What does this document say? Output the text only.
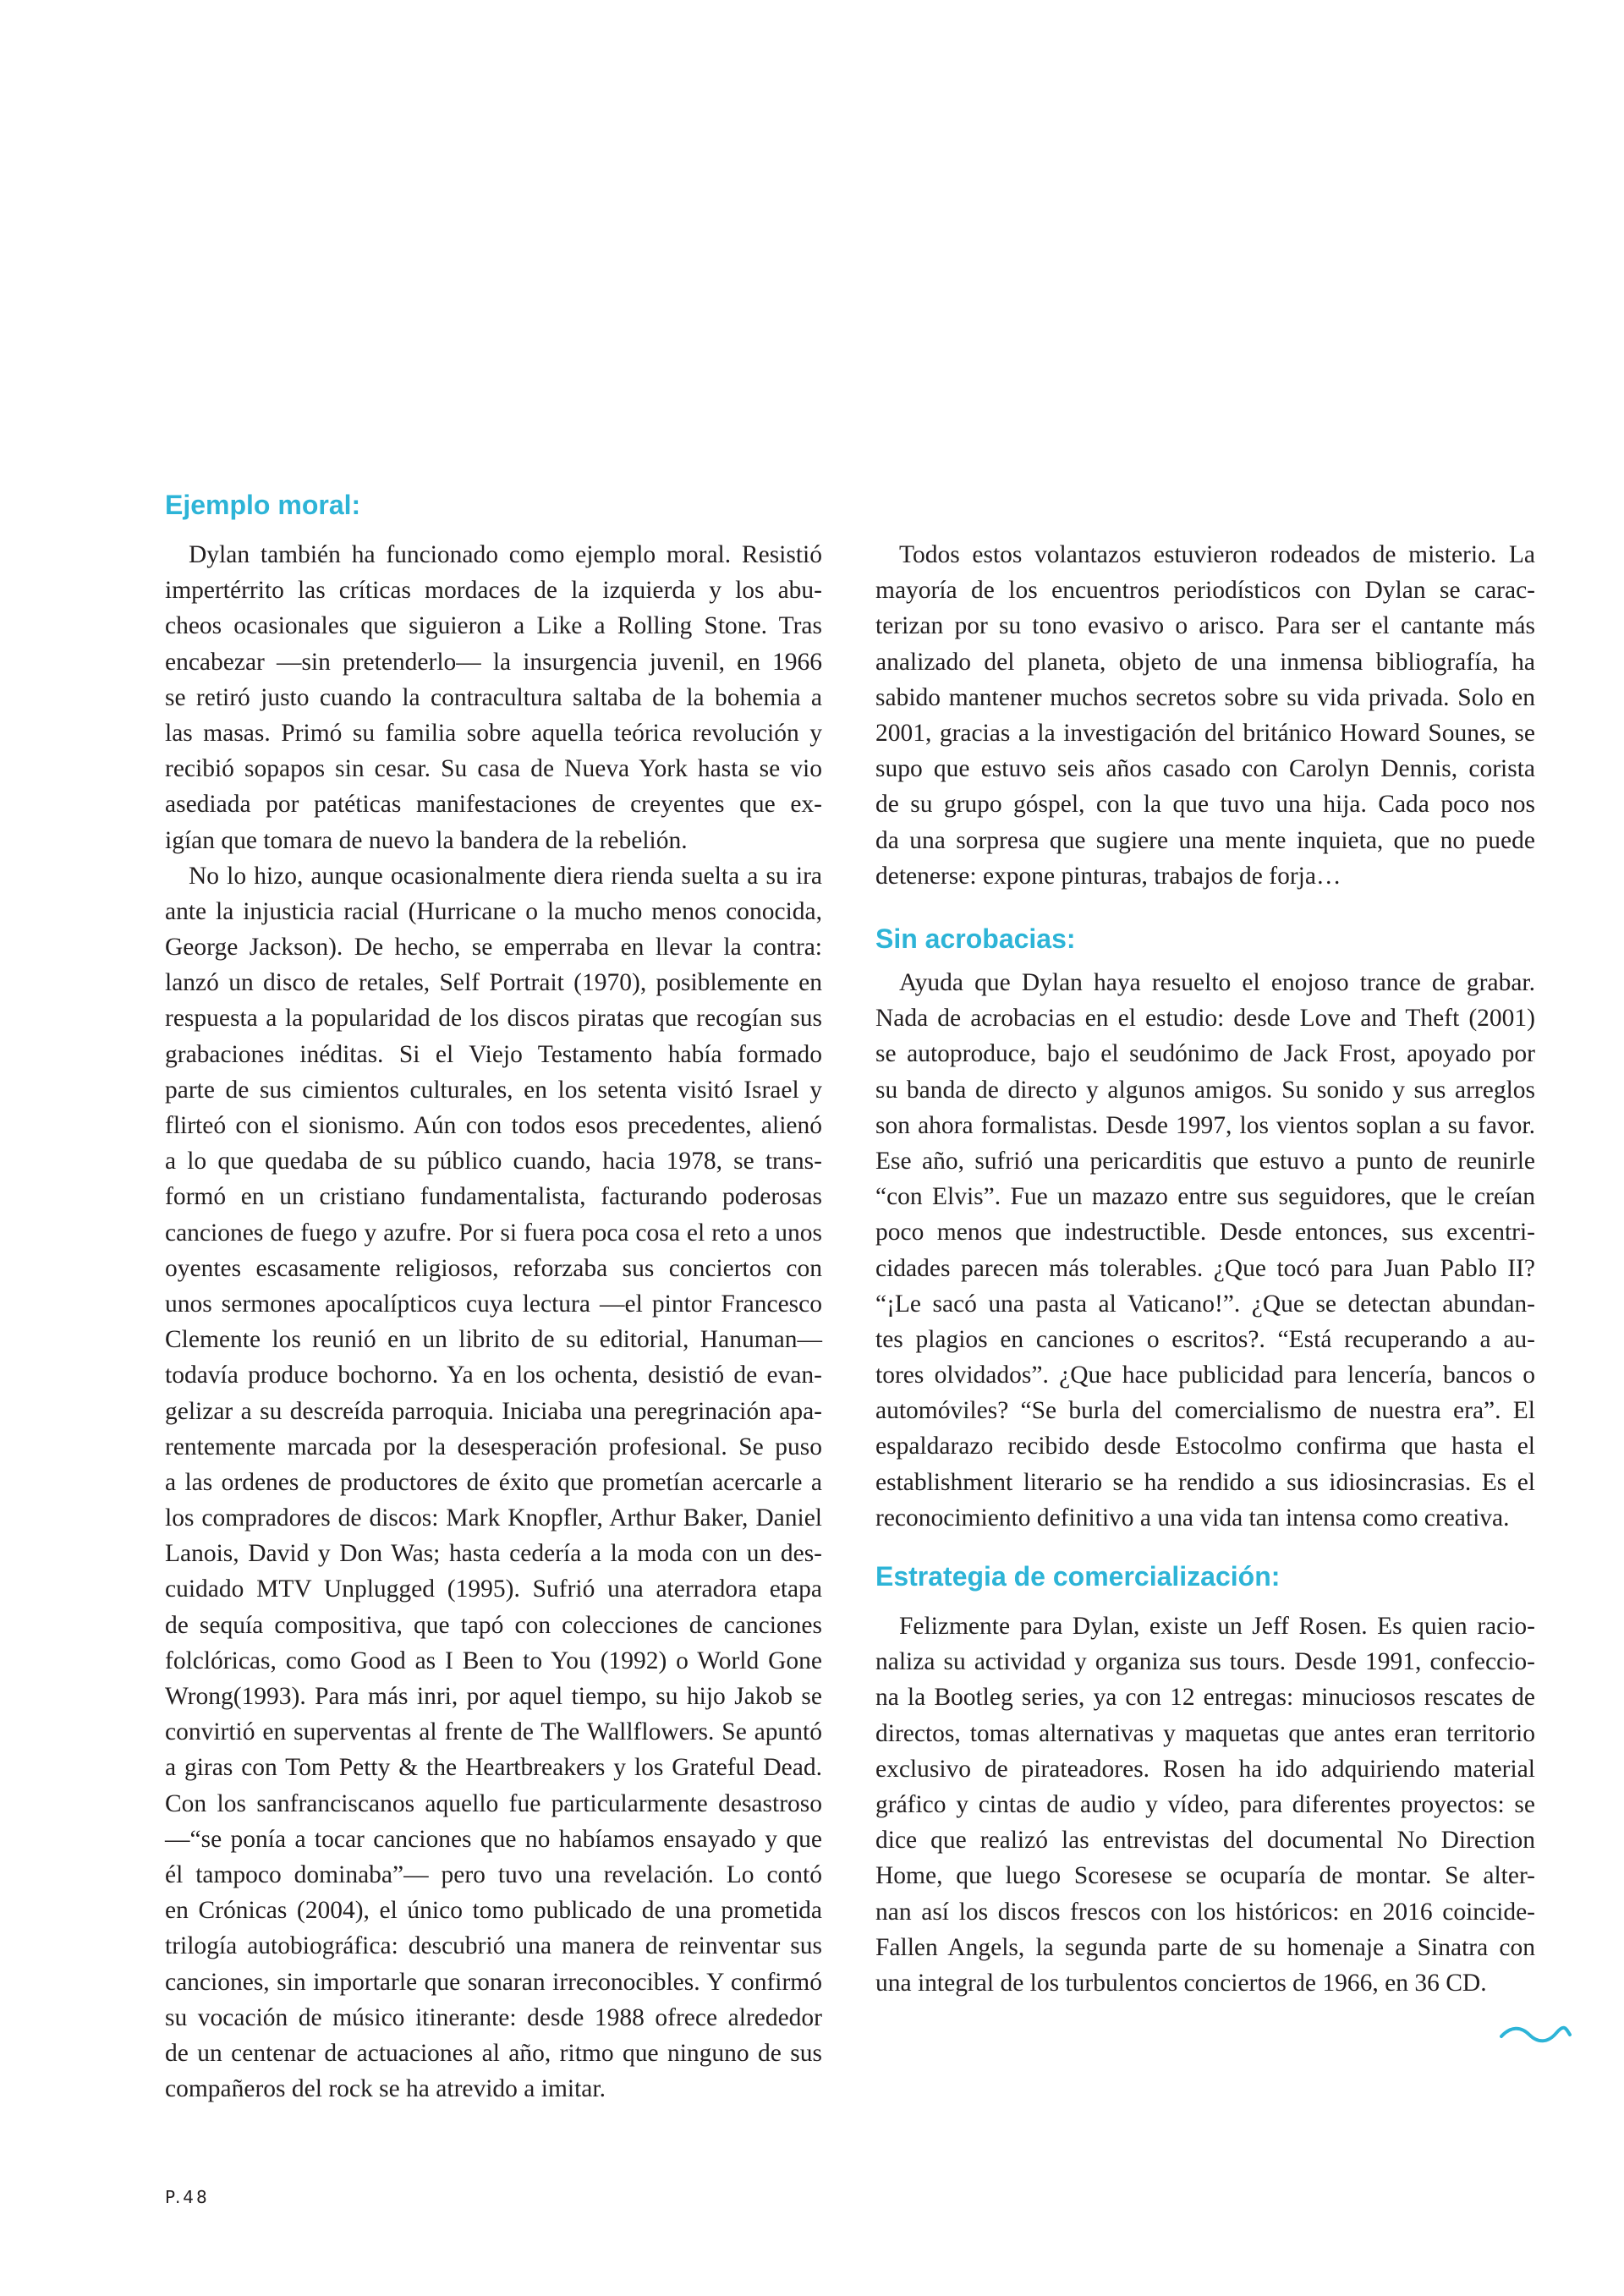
Ejemplo moral:
Dylan también ha funcionado como ejemplo moral. Resistió
impertérrito las críticas mordaces de la izquierda y los abu-
cheos ocasionales que siguieron a Like a Rolling Stone. Tras
encabezar —sin pretenderlo— la insurgencia juvenil, en 1966
se retiró justo cuando la contracultura saltaba de la bohemia a
las masas. Primó su familia sobre aquella teórica revolución y
recibió sopapos sin cesar. Su casa de Nueva York hasta se vio
asediada por patéticas manifestaciones de creyentes que ex-
igían que tomara de nuevo la bandera de la rebelión.
No lo hizo, aunque ocasionalmente diera rienda suelta a su ira
ante la injusticia racial (Hurricane o la mucho menos conocida,
George Jackson). De hecho, se emperraba en llevar la contra:
lanzó un disco de retales, Self Portrait (1970), posiblemente en
respuesta a la popularidad de los discos piratas que recogían sus
grabaciones inéditas. Si el Viejo Testamento había formado
parte de sus cimientos culturales, en los setenta visitó Israel y
flirteó con el sionismo. Aún con todos esos precedentes, alienó
a lo que quedaba de su público cuando, hacia 1978, se trans-
formó en un cristiano fundamentalista, facturando poderosas
canciones de fuego y azufre. Por si fuera poca cosa el reto a unos
oyentes escasamente religiosos, reforzaba sus conciertos con
unos sermones apocalípticos cuya lectura —el pintor Francesco
Clemente los reunió en un librito de su editorial, Hanuman—
todavía produce bochorno. Ya en los ochenta, desistió de evan-
gelizar a su descreída parroquia. Iniciaba una peregrinación apa-
rentemente marcada por la desesperación profesional. Se puso
a las ordenes de productores de éxito que prometían acercarle a
los compradores de discos: Mark Knopfler, Arthur Baker, Daniel
Lanois, David y Don Was; hasta cedería a la moda con un des-
cuidado MTV Unplugged (1995). Sufrió una aterradora etapa
de sequía compositiva, que tapó con colecciones de canciones
folclóricas, como Good as I Been to You (1992) o World Gone
Wrong(1993). Para más inri, por aquel tiempo, su hijo Jakob se
convirtió en superventas al frente de The Wallflowers. Se apuntó
a giras con Tom Petty & the Heartbreakers y los Grateful Dead.
Con los sanfranciscanos aquello fue particularmente desastroso
—“se ponía a tocar canciones que no habíamos ensayado y que
él tampoco dominaba”— pero tuvo una revelación. Lo contó
en Crónicas (2004), el único tomo publicado de una prometida
trilogía autobiográfica: descubrió una manera de reinventar sus
canciones, sin importarle que sonaran irreconocibles. Y confirmó
su vocación de músico itinerante: desde 1988 ofrece alrededor
de un centenar de actuaciones al año, ritmo que ninguno de sus
compañeros del rock se ha atrevido a imitar.
Todos estos volantazos estuvieron rodeados de misterio. La
mayoría de los encuentros periodísticos con Dylan se carac-
terizan por su tono evasivo o arisco. Para ser el cantante más
analizado del planeta, objeto de una inmensa bibliografía, ha
sabido mantener muchos secretos sobre su vida privada. Solo en
2001, gracias a la investigación del británico Howard Sounes, se
supo que estuvo seis años casado con Carolyn Dennis, corista
de su grupo góspel, con la que tuvo una hija. Cada poco nos
da una sorpresa que sugiere una mente inquieta, que no puede
detenerse: expone pinturas, trabajos de forja…
Sin acrobacias:
Ayuda que Dylan haya resuelto el enojoso trance de grabar.
Nada de acrobacias en el estudio: desde Love and Theft (2001)
se autoproduce, bajo el seudónimo de Jack Frost, apoyado por
su banda de directo y algunos amigos. Su sonido y sus arreglos
son ahora formalistas. Desde 1997, los vientos soplan a su favor.
Ese año, sufrió una pericarditis que estuvo a punto de reunirle
“con Elvis”. Fue un mazazo entre sus seguidores, que le creían
poco menos que indestructible. Desde entonces, sus excentri-
cidades parecen más tolerables. ¿Que tocó para Juan Pablo II?
“¡Le sacó una pasta al Vaticano!”. ¿Que se detectan abundan-
tes plagios en canciones o escritos?. “Está recuperando a au-
tores olvidados”. ¿Que hace publicidad para lencería, bancos o
automóviles? “Se burla del comercialismo de nuestra era”. El
espaldarazo recibido desde Estocolmo confirma que hasta el
establishment literario se ha rendido a sus idiosincrasias. Es el
reconocimiento definitivo a una vida tan intensa como creativa.
Estrategia de comercialización:
Felizmente para Dylan, existe un Jeff Rosen. Es quien racio-
naliza su actividad y organiza sus tours. Desde 1991, confeccio-
na la Bootleg series, ya con 12 entregas: minuciosos rescates de
directos, tomas alternativas y maquetas que antes eran territorio
exclusivo de pirateadores. Rosen ha ido adquiriendo material
gráfico y cintas de audio y vídeo, para diferentes proyectos: se
dice que realizó las entrevistas del documental No Direction
Home, que luego Scoresese se ocuparía de montar. Se alter-
nan así los discos frescos con los históricos: en 2016 coincide-
Fallen Angels, la segunda parte de su homenaje a Sinatra con
una integral de los turbulentos conciertos de 1966, en 36 CD.
P.48
